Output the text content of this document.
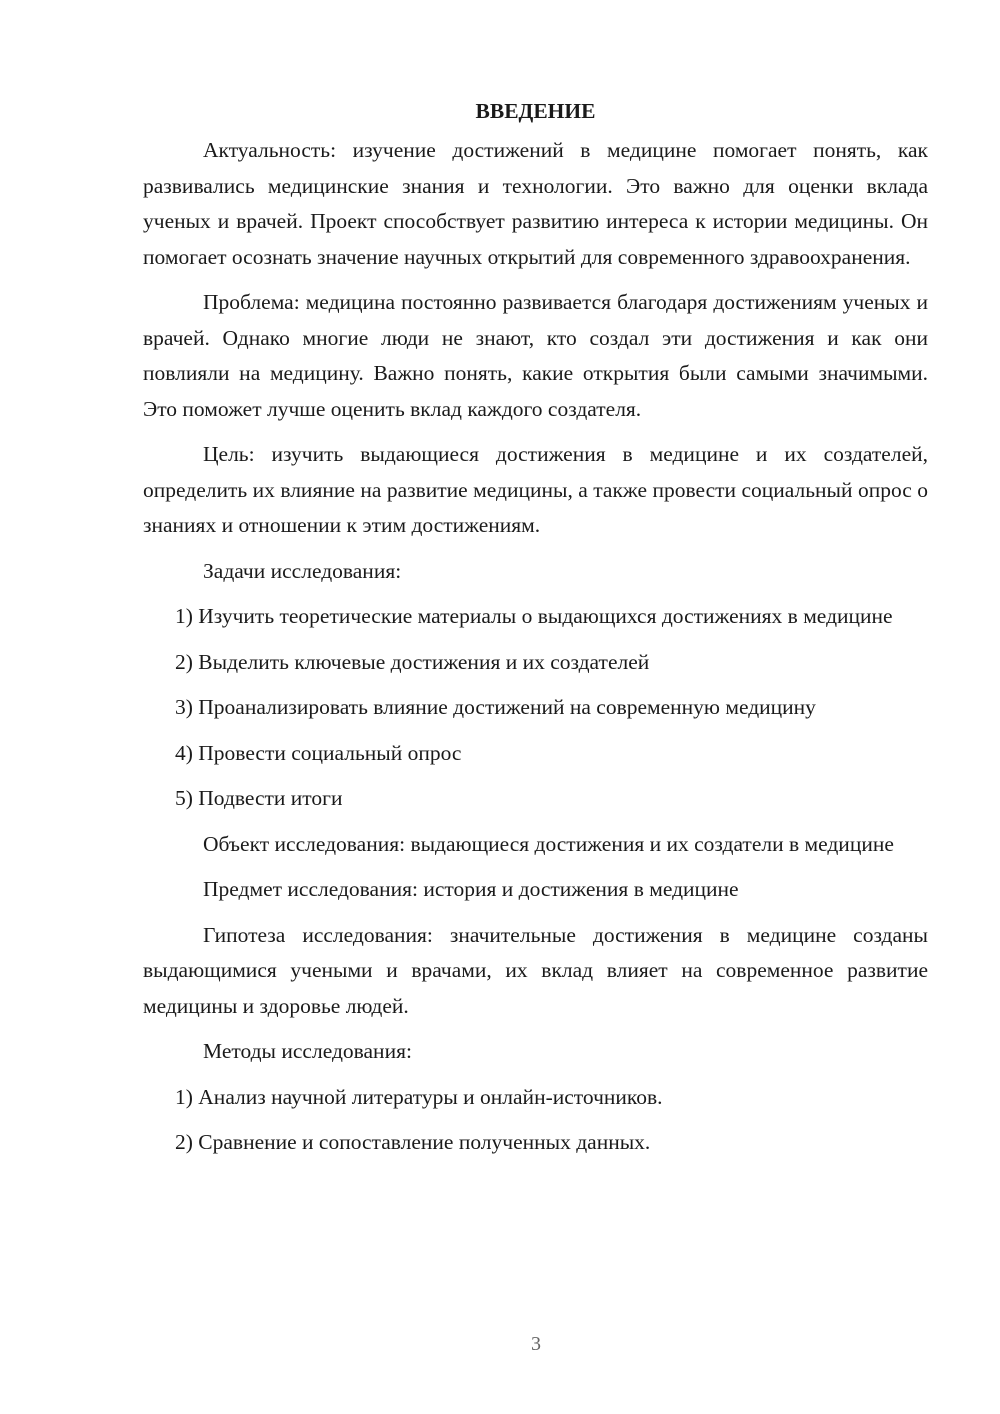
ВВЕДЕНИЕ

Актуальность: изучение достижений в медицине помогает понять, как развивались медицинские знания и технологии. Это важно для оценки вклада ученых и врачей. Проект способствует развитию интереса к истории медицины. Он помогает осознать значение научных открытий для современного здравоохранения.

Проблема: медицина постоянно развивается благодаря достижениям ученых и врачей. Однако многие люди не знают, кто создал эти достижения и как они повлияли на медицину. Важно понять, какие открытия были самыми значимыми. Это поможет лучше оценить вклад каждого создателя.

Цель: изучить выдающиеся достижения в медицине и их создателей, определить их влияние на развитие медицины, а также провести социальный опрос о знаниях и отношении к этим достижениям.

Задачи исследования:

1) Изучить теоретические материалы о выдающихся достижениях в медицине

2) Выделить ключевые достижения и их создателей

3) Проанализировать влияние достижений на современную медицину

4) Провести социальный опрос

5) Подвести итоги

Объект исследования: выдающиеся достижения и их создатели в медицине

Предмет исследования: история и достижения в медицине

Гипотеза исследования: значительные достижения в медицине созданы выдающимися учеными и врачами, их вклад влияет на современное развитие медицины и здоровье людей.

Методы исследования:

1) Анализ научной литературы и онлайн-источников.

2) Сравнение и сопоставление полученных данных.

3
